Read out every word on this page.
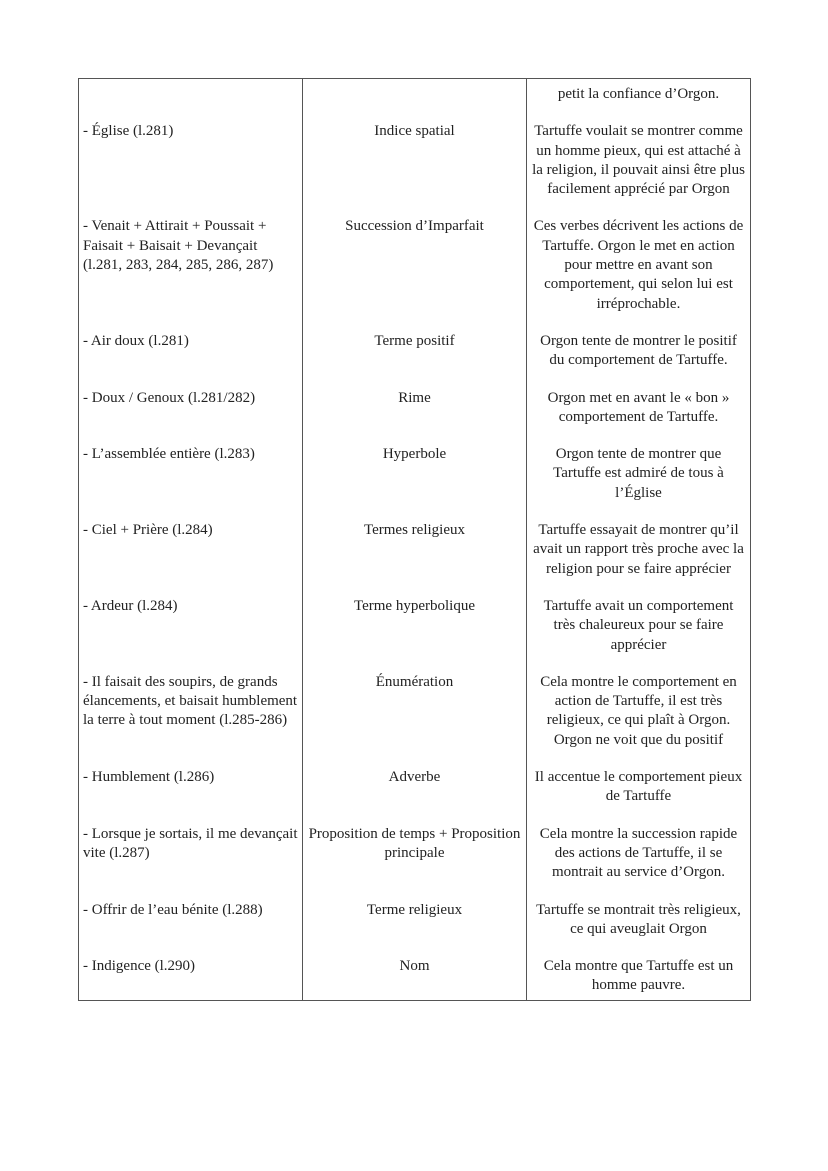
		petit la confiance d’Orgon.
- Église (l.281)	Indice spatial	Tartuffe voulait se montrer comme un homme pieux, qui est attaché à la religion, il pouvait ainsi être plus facilement apprécié par Orgon
- Venait + Attirait + Poussait + Faisait + Baisait + Devançait (l.281, 283, 284, 285, 286, 287)	Succession d’Imparfait	Ces verbes décrivent les actions de Tartuffe. Orgon le met en action pour mettre en avant son comportement, qui selon lui est irréprochable.
- Air doux (l.281)	Terme positif	Orgon tente de montrer le positif du comportement de Tartuffe.
- Doux / Genoux (l.281/282)	Rime	Orgon met en avant le « bon » comportement de Tartuffe.
- L’assemblée entière (l.283)	Hyperbole	Orgon tente de montrer que Tartuffe est admiré de tous à l’Église
- Ciel + Prière (l.284)	Termes religieux	Tartuffe essayait de montrer qu’il avait un rapport très proche avec la religion pour se faire apprécier
- Ardeur (l.284)	Terme hyperbolique	Tartuffe avait un comportement très chaleureux pour se faire apprécier
- Il faisait des soupirs, de grands élancements, et baisait humblement la terre à tout moment (l.285-286)	Énumération	Cela montre le comportement en action de Tartuffe, il est très religieux, ce qui plaît à Orgon. Orgon ne voit que du positif
- Humblement (l.286)	Adverbe	Il accentue le comportement pieux de Tartuffe
- Lorsque je sortais, il me devançait vite (l.287)	Proposition de temps + Proposition principale	Cela montre la succession rapide des actions de Tartuffe, il se montrait au service d’Orgon.
- Offrir de l’eau bénite (l.288)	Terme religieux	Tartuffe se montrait très religieux, ce qui aveuglait Orgon
- Indigence (l.290)	Nom	Cela montre que Tartuffe est un homme pauvre.
